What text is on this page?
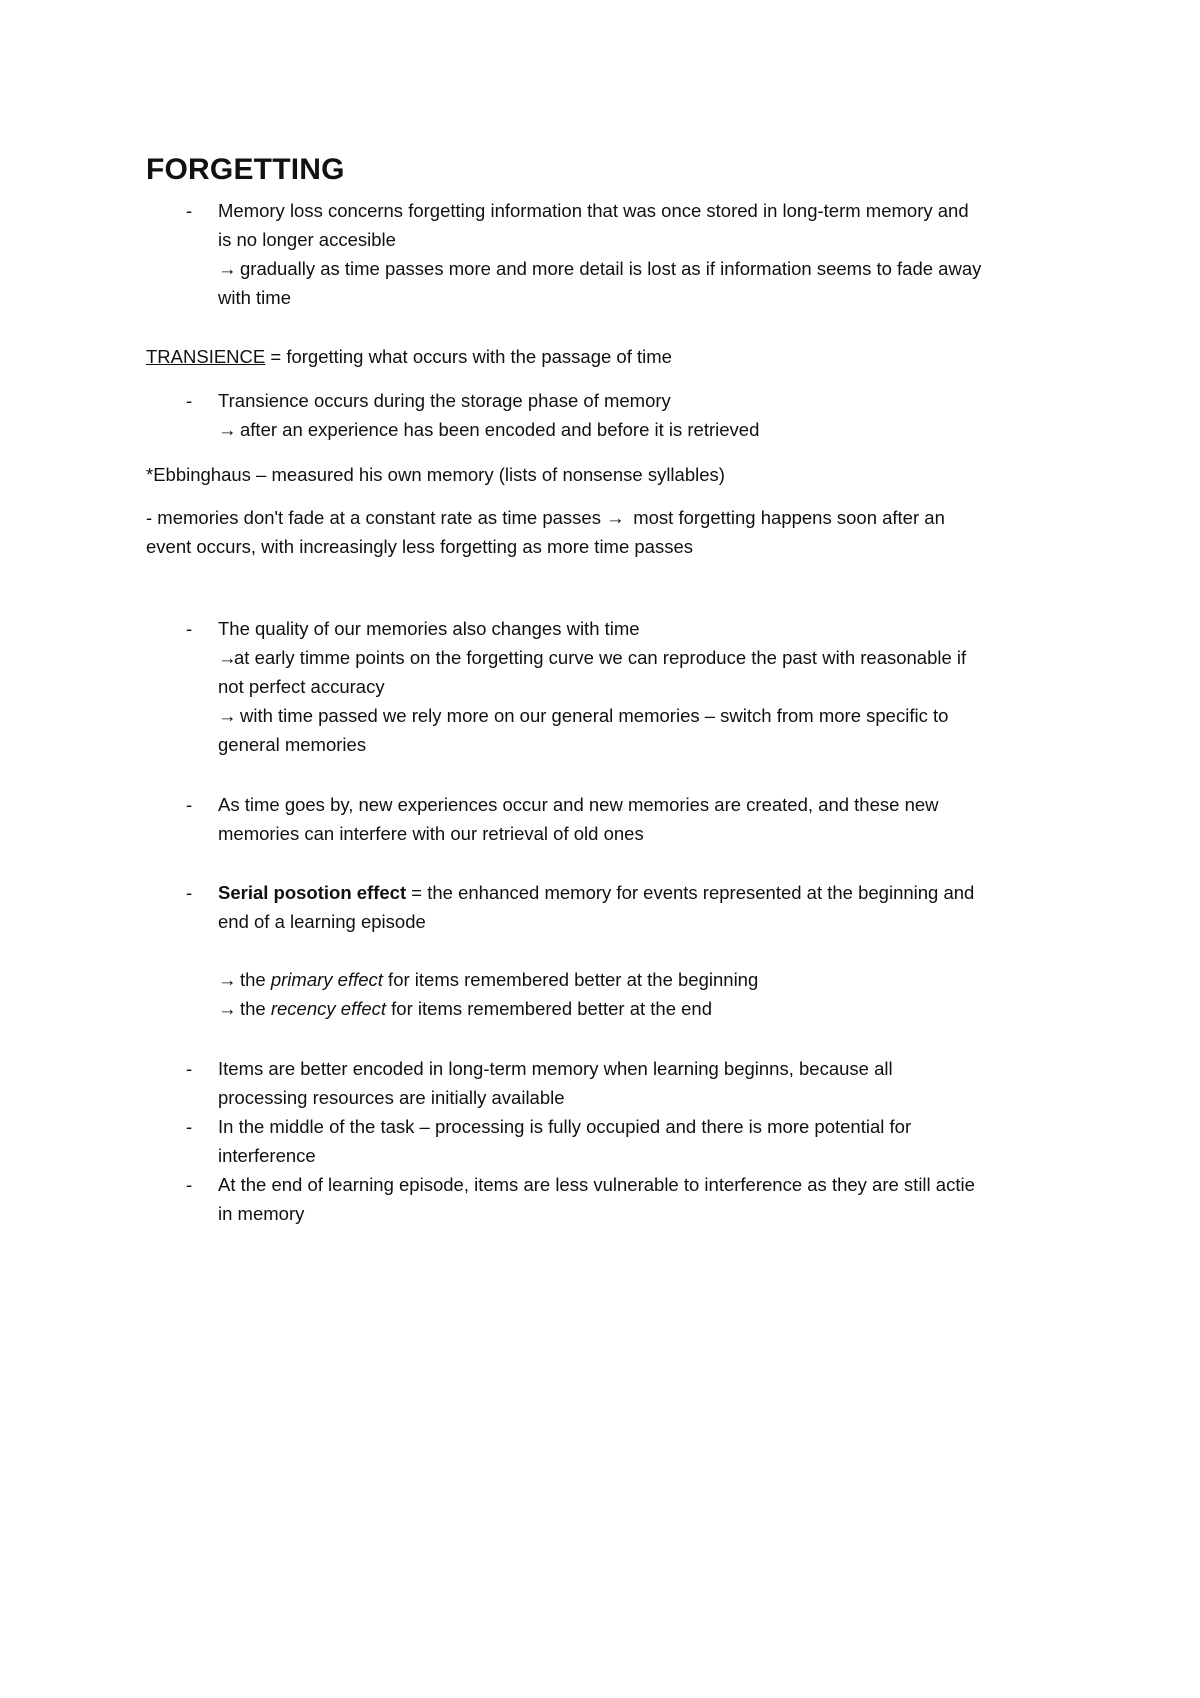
FORGETTING
- Memory loss concerns forgetting information that was once stored in long-term memory and
is no longer accesible
→ gradually as time passes more and more detail is lost as if information seems to fade away
with time
TRANSIENCE = forgetting what occurs with the passage of time
- Transience occurs during the storage phase of memory
→ after an experience has been encoded and before it is retrieved
*Ebbinghaus – measured his own memory (lists of nonsense syllables)
- memories don't fade at a constant rate as time passes → most forgetting happens soon after an
event occurs, with increasingly less forgetting as more time passes
- The quality of our memories also changes with time
→at early timme points on the forgetting curve we can reproduce the past with reasonable if
not perfect accuracy
→ with time passed we rely more on our general memories – switch from more specific to
general memories
- As time goes by, new experiences occur and new memories are created, and these new
memories can interfere with our retrieval of old ones
- Serial posotion effect = the enhanced memory for events represented at the beginning and
end of a learning episode
→ the primary effect for items remembered better at the beginning
→ the recency effect for items remembered better at the end
- Items are better encoded in long-term memory when learning beginns, because all
processing resources are initially available
- In the middle of the task – processing is fully occupied and there is more potential for
interference
- At the end of learning episode, items are less vulnerable to interference as they are still actie
in memory
